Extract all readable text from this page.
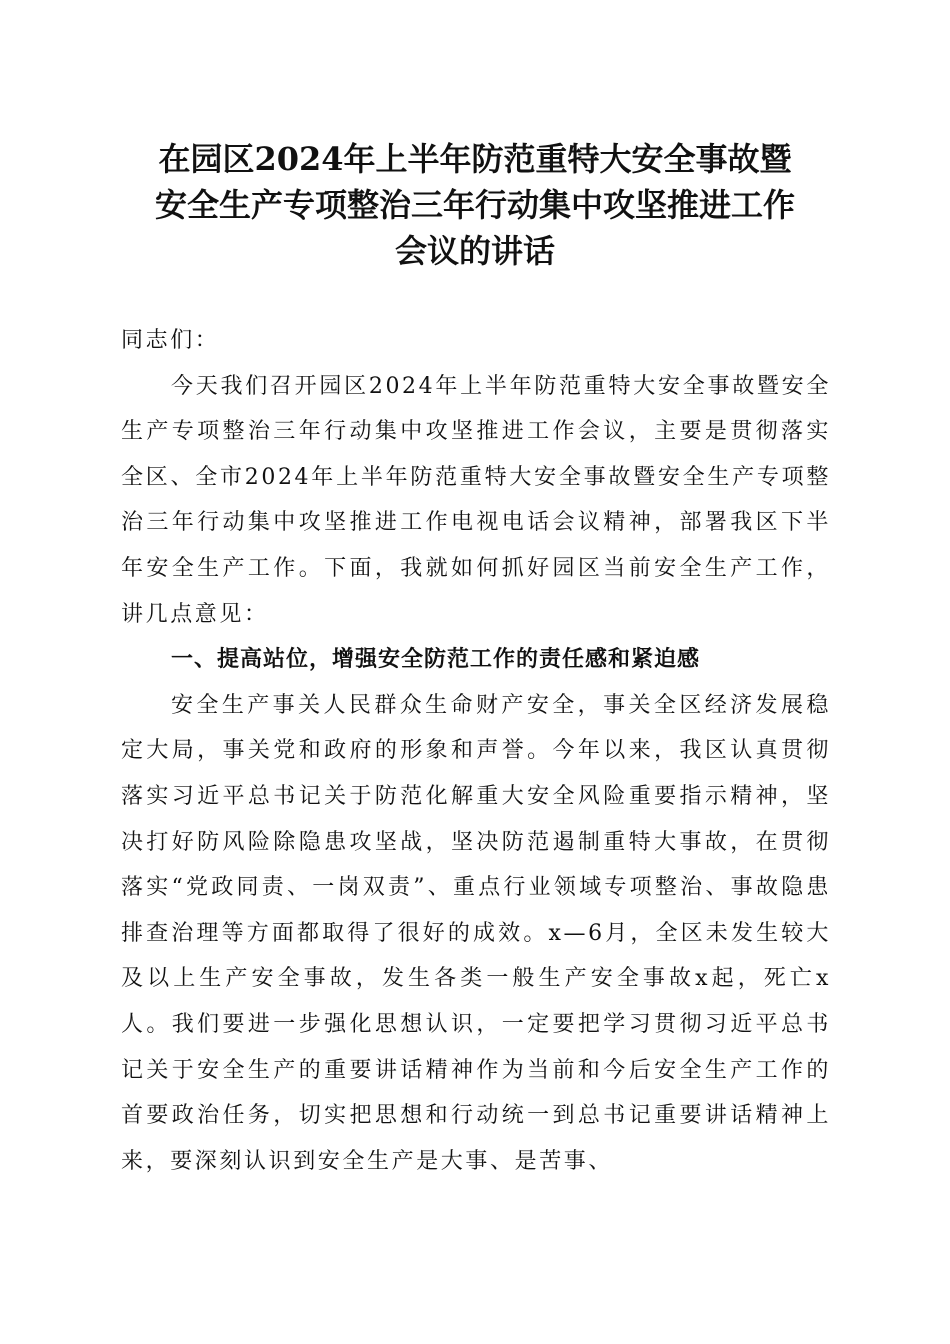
在园区2024年上半年防范重特大安全事故暨
安全生产专项整治三年行动集中攻坚推进工作
会议的讲话

同志们：

今天我们召开园区2024年上半年防范重特大安全事故暨安全生产专项整治三年行动集中攻坚推进工作会议，主要是贯彻落实全区、全市2024年上半年防范重特大安全事故暨安全生产专项整治三年行动集中攻坚推进工作电视电话会议精神，部署我区下半年安全生产工作。下面，我就如何抓好园区当前安全生产工作，讲几点意见：

一、提高站位，增强安全防范工作的责任感和紧迫感

安全生产事关人民群众生命财产安全，事关全区经济发展稳定大局，事关党和政府的形象和声誉。今年以来，我区认真贯彻落实习近平总书记关于防范化解重大安全风险重要指示精神，坚决打好防风险除隐患攻坚战，坚决防范遏制重特大事故，在贯彻落实“党政同责、一岗双责”、重点行业领域专项整治、事故隐患排查治理等方面都取得了很好的成效。x—6月，全区未发生较大及以上生产安全事故，发生各类一般生产安全事故x起，死亡x人。我们要进一步强化思想认识，一定要把学习贯彻习近平总书记关于安全生产的重要讲话精神作为当前和今后安全生产工作的首要政治任务，切实把思想和行动统一到总书记重要讲话精神上来，要深刻认识到安全生产是大事、是苦事、
